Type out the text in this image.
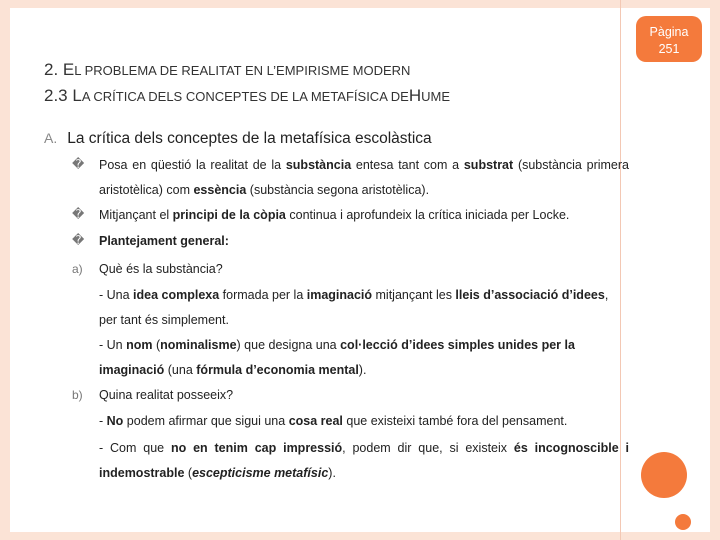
Pàgina
251
2. EL PROBLEMA DE REALITAT EN L’EMPIRISME MODERN
2.3 LA CRÍTICA DELS CONCEPTES DE LA METAFÍSICA DEHUME
A. La crítica dels conceptes de la metafísica escolàstica
� Posa en qüestió la realitat de la substància entesa tant com a substrat (substància primera aristotèlica) com essència (substància segona aristotèlica).
� Mitjançant el principi de la còpia continua i aprofundeix la crítica iniciada per Locke.
� Plantejament general:
a) Què és la substància?
- Una idea complexa formada per la imaginació mitjançant les lleis d’associació d’idees, per tant és simplement.
- Un nom (nominalisme) que designa una col·lecció d’idees simples unides per la imaginació (una fórmula d’economia mental).
b) Quina realitat posseeix?
- No podem afirmar que sigui una cosa real que existeixi també fora del pensament.
- Com que no en tenim cap impressió, podem dir que, si existeix és incognoscible i indemostrable (escepticisme metafísic).
